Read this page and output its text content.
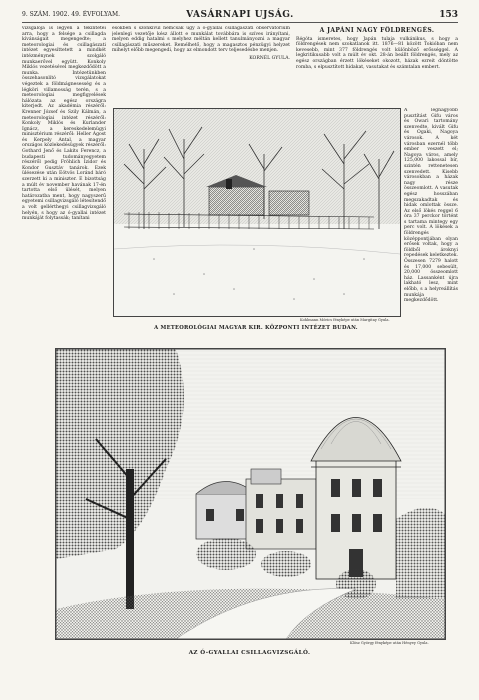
9. SZÁM. 1902. 49. ÉVFOLYAM.	VASÁRNAPI UJSÁG.	153

vizsgálója is legyen a tekintetei arra, hogy a felsége a csillagda kívánságait megengedte; a meteorologiai és csillagászati intézet egyesíttetett a mindkét intézménynek szolgáló munkaerővel együtt. Konkoly Miklós vezetésével megkezdődött a munka. Intézetünkben összehasonlító vizsgálatokat végeztek a földmágnesesség és a légköri villamosság terén, s a meteorologiai megfigyelések hálózata az egész országra kiterjedt. Az akadémia részéről: Krenner József és Szily Kálmán, a meteorologiai intézet részéről: Konkoly Miklós és Kurlander Ignácz, a kereskedelemügyi minisztérium részéről: Heller Ágost és Kerpely Antal, a magyar országos közlekedésügyek részéről: Gothard Jenő és Lakits Ferencz, a budapesti tudományegyetem részéről pedig Fröhlich Izidor és Kondor Gusztáv tanárok. Ezek ülésezése után Eötvös Loránd báró szerzett ki a miniszter. E bizottság a múlt év november havának 17-én tartotta első ülését, melyen határozatba ment, hogy nagyszerű egyetemi csillagvizsgáló létesítendő a volt gellérthegyi csillagvizsgáló helyén, s hogy az ó-gyallai intézet munkáját folytassák; tanítani

esőkben s szonkivül nemcsak úgy a ó-gyallai csillagászati observatorium jelenlegi vezetője kész állott e munkálat továbbára is szíves irányítani, melyen eddig hatalmi s melyhez méltán kellett tanulmányozni a magyar csillagászati műszereket. Remélhető, hogy a magasztos pénzügyi helyzet mihelyt előbb megengedi, hogy az elmondott terv teljesedésbe menjen.

KORNÉL GYULA.
A JAPÁNI NAGY FÖLDRENGÉS.

Régóta ismeretes, hogy Japán tulaja vulkánikus, s hogy a földrengések nem szokatlanok itt. 1876—81 között Tokióban nem kevesebb, mint 377 földrengés volt különböző erősséggel. A legkritikusabb volt a múlt év okt. 28-án beállt földrengés, mely az egész országban érzett lökéseket okozott, házak ezreit döntötte romba, s elpusztított hidakat, vasutakat és számtalan embert.

A legnagyobb pusztítást Gifu város és Owari tartomány szenvedte, kivált Gifu és Ogaki, Nagoya városok. A két városban ezernél több ember veszett el; Nagoya város, amely 125,000 lakossal bír, szintén rettenetesen szenvedett. Kisebb városokban a házak nagy része összeomlott. A vasutak egész hosszában megszakadtak és hidak omlottak össze. Az első lökés reggel 6 óra 37 perckor történt s tartama mintegy egy perc volt. A lökések a földrengés középpontjában olyan erősek voltak, hogy a földből ároknyi repedések keletkeztek. Összesen 7279 halott és 17,000 sebesült, 20,000 összeomlott ház. Lassanként újra lakható lesz, mint előbb, s a helyreállítás munkája megkezdődött.

Kohlmann Mórics fényképe után Margitay Gyula.
A METEOROLÓGIAI MAGYAR KIR. KÖZPONTI INTÉZET BUDAN.
Klösz György fényképe után Hényey Gyula.
AZ Ó-GYALLAI CSILLAGVIZSGÁLÓ.
